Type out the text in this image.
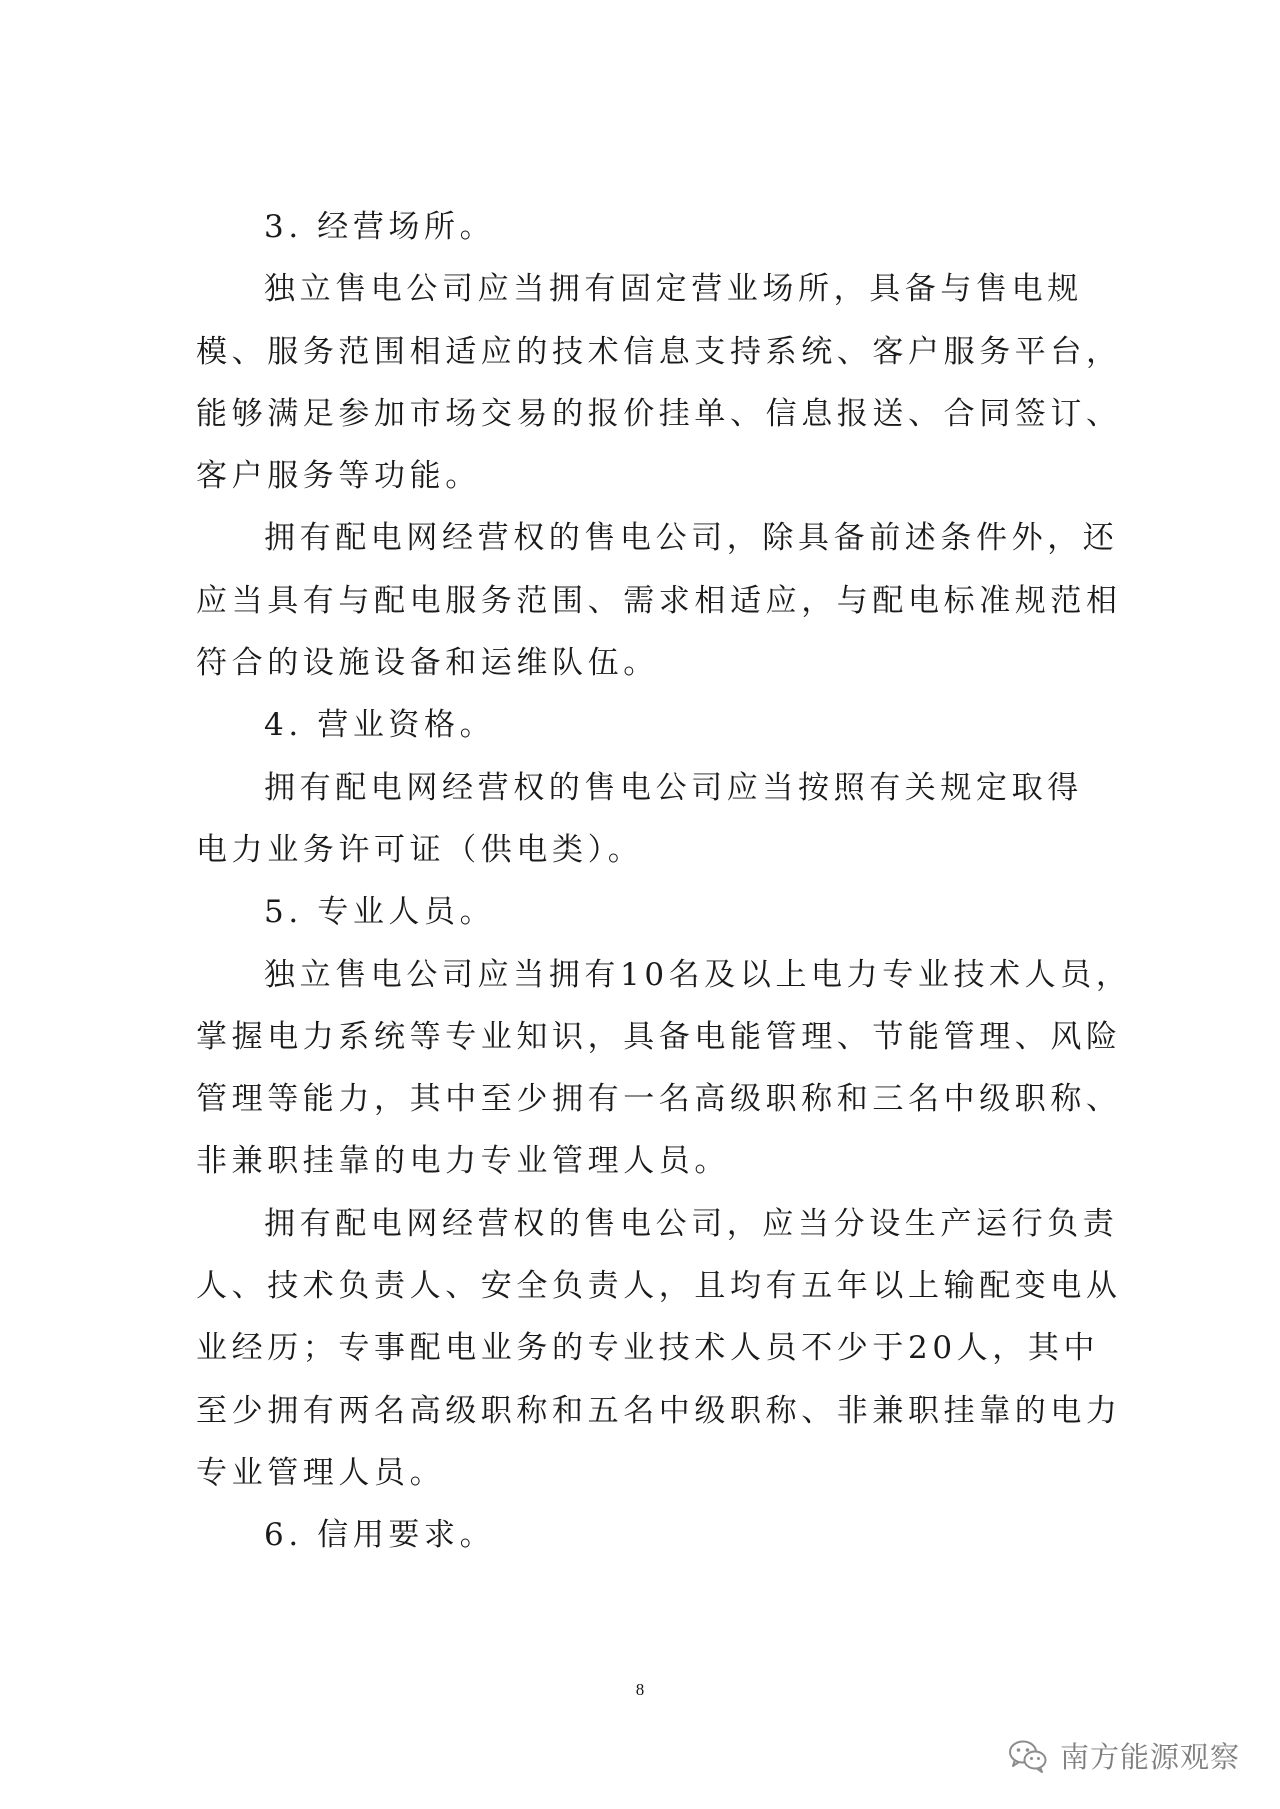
3. 经营场所。
独立售电公司应当拥有固定营业场所，具备与售电规
模、服务范围相适应的技术信息支持系统、客户服务平台，
能够满足参加市场交易的报价挂单、信息报送、合同签订、
客户服务等功能。
拥有配电网经营权的售电公司，除具备前述条件外，还
应当具有与配电服务范围、需求相适应，与配电标准规范相
符合的设施设备和运维队伍。
4. 营业资格。
拥有配电网经营权的售电公司应当按照有关规定取得
电力业务许可证（供电类）。
5. 专业人员。
独立售电公司应当拥有10名及以上电力专业技术人员，
掌握电力系统等专业知识，具备电能管理、节能管理、风险
管理等能力，其中至少拥有一名高级职称和三名中级职称、
非兼职挂靠的电力专业管理人员。
拥有配电网经营权的售电公司，应当分设生产运行负责
人、技术负责人、安全负责人，且均有五年以上输配变电从
业经历；专事配电业务的专业技术人员不少于20人，其中
至少拥有两名高级职称和五名中级职称、非兼职挂靠的电力
专业管理人员。
6. 信用要求。
8
南方能源观察
